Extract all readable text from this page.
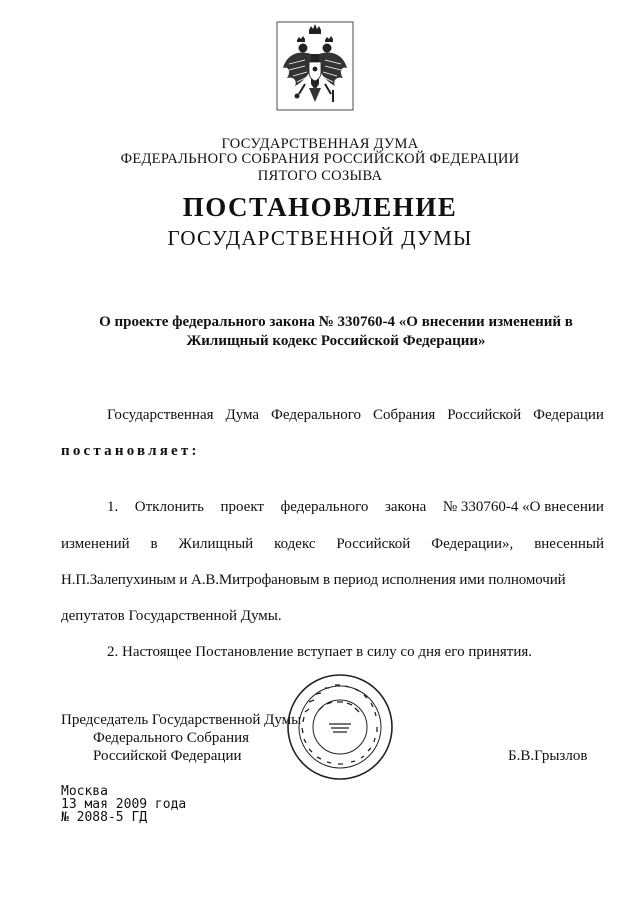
ГОСУДАРСТВЕННАЯ ДУМА
ФЕДЕРАЛЬНОГО СОБРАНИЯ РОССИЙСКОЙ ФЕДЕРАЦИИ
ПЯТОГО СОЗЫВА
ПОСТАНОВЛЕНИЕ
ГОСУДАРСТВЕННОЙ ДУМЫ
О проекте федерального закона № 330760-4 «О внесении изменений в
Жилищный кодекс Российской Федерации»
Государственная Дума Федерального Собрания Российской Федерации
постановляет:
1. Отклонить проект федерального закона № 330760-4 «О внесении
изменений в Жилищный кодекс Российской Федерации», внесенный
Н.П.Залепухиным и А.В.Митрофановым в период исполнения ими полномочий
депутатов Государственной Думы.
2. Настоящее Постановление вступает в силу со дня его принятия.
Председатель Государственной Думы
Федерального Собрания
Российской Федерации	Б.В.Грызлов
Москва
13 мая 2009 года
№ 2088-5 ГД
